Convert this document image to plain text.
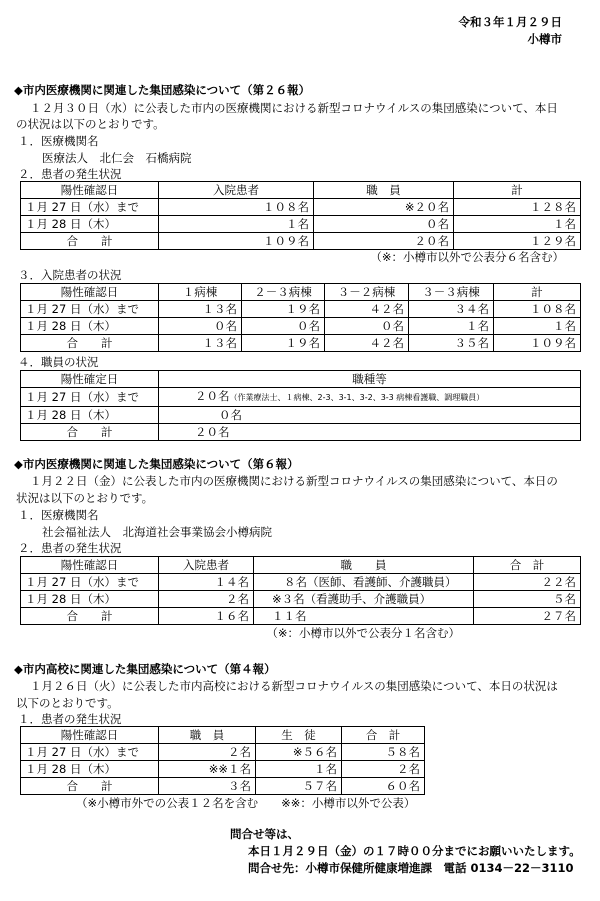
令和３年１月２９日
小樽市
◆市内医療機関に関連した集団感染について（第２６報）
１２月３０日（水）に公表した市内の医療機関における新型コロナウイルスの集団感染について、本日
の状況は以下のとおりです。
１．医療機関名
医療法人　北仁会　石橋病院
２．患者の発生状況
陽性確認日	入院患者	職　員	計
１月 27 日（水）まで	１０８名	※２０名	１２８名
１月 28 日（木）	１名	０名	１名
合　　計	１０９名	２０名	１２９名
（※：小樽市以外で公表分６名含む）
３．入院患者の状況
陽性確認日	１病棟	２－３病棟	３－２病棟	３－３病棟	計
１月 27 日（水）まで	１３名	１９名	４２名	３４名	１０８名
１月 28 日（木）	０名	０名	０名	１名	１名
合　　計	１３名	１９名	４２名	３５名	１０９名
４．職員の状況
陽性確定日	職種等
１月 27 日（水）まで	２０名（作業療法士、１病棟、2-3、3-1、3-2、3-3 病棟看護職、調理職員）
１月 28 日（木）	０名
合　　計	２０名
◆市内医療機関に関連した集団感染について（第６報）
１月２２日（金）に公表した市内の医療機関における新型コロナウイルスの集団感染について、本日の
状況は以下のとおりです。
１．医療機関名
社会福祉法人　北海道社会事業協会小樽病院
２．患者の発生状況
陽性確認日	入院患者	職　　員	合　計
１月 27 日（水）まで	１４名	８名（医師、看護師、介護職員）	２２名
１月 28 日（木）	２名	※３名（看護助手、介護職員）	５名
合　　計	１６名	１１名	２７名
（※：小樽市以外で公表分１名含む）
◆市内高校に関連した集団感染について（第４報）
１月２６日（火）に公表した市内高校における新型コロナウイルスの集団感染について、本日の状況は
以下のとおりです。
１．患者の発生状況
陽性確認日	職　員	生　徒	合　計
１月 27 日（水）まで	２名	※５６名	５８名
１月 28 日（木）	※※１名	１名	２名
合　　計	３名	５７名	６０名
（※小樽市外での公表１２名を含む　　※※：小樽市以外で公表）
問合せ等は、
本日１月２９日（金）の１７時００分までにお願いいたします。
問合せ先：小樽市保健所健康増進課　電話 0134－22－3110
